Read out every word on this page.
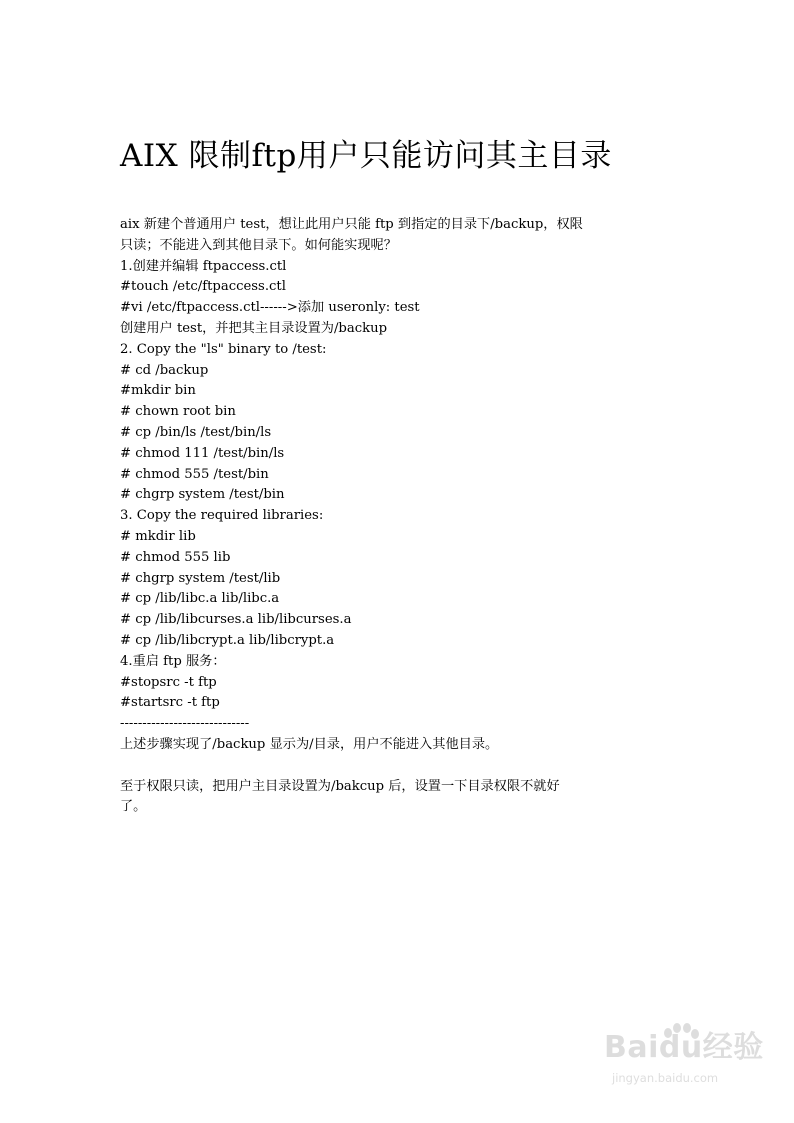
AIX 限制ftp用户只能访问其主目录
aix 新建个普通用户 test，想让此用户只能 ftp 到指定的目录下/backup，权限
只读；不能进入到其他目录下。如何能实现呢？
1.创建并编辑 ftpaccess.ctl
#touch /etc/ftpaccess.ctl
#vi /etc/ftpaccess.ctl------>添加 useronly: test
创建用户 test，并把其主目录设置为/backup
2. Copy the "ls" binary to /test:
# cd /backup
#mkdir bin
# chown root bin
# cp /bin/ls /test/bin/ls
# chmod 111 /test/bin/ls
# chmod 555 /test/bin
# chgrp system /test/bin
3. Copy the required libraries:
# mkdir lib
# chmod 555 lib
# chgrp system /test/lib
# cp /lib/libc.a lib/libc.a
# cp /lib/libcurses.a lib/libcurses.a
# cp /lib/libcrypt.a lib/libcrypt.a
4.重启 ftp 服务：
#stopsrc -t ftp
#startsrc -t ftp
-----------------------------
上述步骤实现了/backup 显示为/目录，用户不能进入其他目录。
至于权限只读，把用户主目录设置为/bakcup 后，设置一下目录权限不就好
了。
Baidu经验
jingyan.baidu.com
